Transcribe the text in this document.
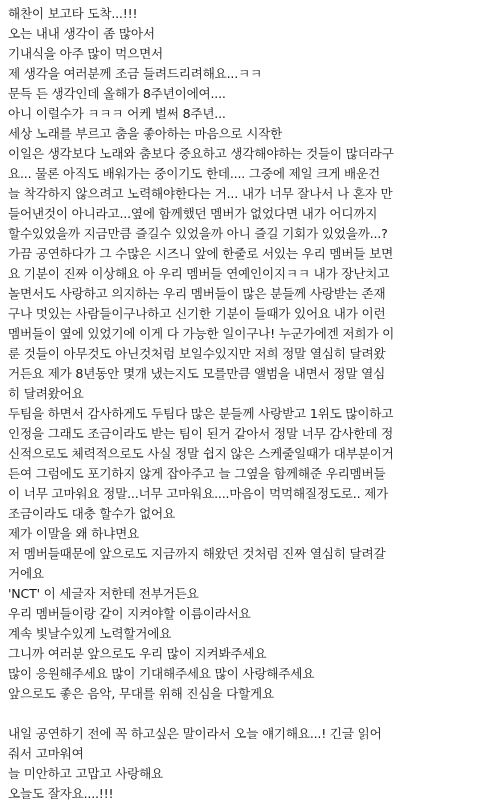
해찬이 보고타 도착...!!!
오는 내내 생각이 좀 많아서
기내식을 아주 많이 먹으면서
제 생각을 여러분께 조금 들려드리려해요...ㅋㅋ
문득 든 생각인데 올해가 8주년이에여....
아니 이럴수가 ㅋㅋㅋ 어케 벌써 8주년...
세상 노래를 부르고 춤을 좋아하는 마음으로 시작한
이일은 생각보다 노래와 춤보다 중요하고 생각해야하는 것들이 많더라구
요... 물론 아직도 배워가는 중이기도 한데.... 그중에 제일 크게 배운건
늘 착각하지 않으려고 노력해야한다는 거... 내가 너무 잘나서 나 혼자 만
들어낸것이 아니라고...옆에 함께했던 멤버가 없었다면 내가 어디까지
할수있었을까 지금만큼 즐길수 있었을까 아니 즐길 기회가 있었을까...?
가끔 공연하다가 그 수많은 시즈니 앞에 한줄로 서있는 우리 멤버들 보면
요 기분이 진짜 이상해요 아 우리 멤버들 연예인이지ㅋㅋ 내가 장난치고
놀면서도 사랑하고 의지하는 우리 멤버들이 많은 분들께 사랑받는 존재
구나 멋있는 사람들이구나하고 신기한 기분이 들때가 있어요 내가 이런
멤버들이 옆에 있었기에 이게 다 가능한 일이구나! 누군가에겐 저희가 이
룬 것들이 아무것도 아닌것처럼 보일수있지만 저희 정말 열심히 달려왔
거든요 제가 8년동안 몇개 냈는지도 모를만큼 앨범을 내면서 정말 열심
히 달려왔어요
두팀을 하면서 감사하게도 두팀다 많은 분들께 사랑받고 1위도 많이하고
인정을 그래도 조금이라도 받는 팀이 된거 같아서 정말 너무 감사한데 정
신적으로도 체력적으로도 사실 정말 쉽지 않은 스케줄일때가 대부분이거
든여 그럼에도 포기하지 않게 잡아주고 늘 그옆을 함께해준 우리멤버들
이 너무 고마워요 정말...너무 고마워요....마음이 먹먹해질정도로.. 제가
조금이라도 대충 할수가 없어요
제가 이말을 왜 하냐면요
저 멤버들때문에 앞으로도 지금까지 해왔던 것처럼 진짜 열심히 달려갈
거에요
'NCT' 이 세글자 저한테 전부거든요
우리 멤버들이랑 같이 지켜야할 이름이라서요
계속 빛날수있게 노력할거에요
그니까 여러분 앞으로도 우리 많이 지켜봐주세요
많이 응원해주세요 많이 기대해주세요 많이 사랑해주세요
앞으로도 좋은 음악, 무대를 위해 진심을 다할게요
내일 공연하기 전에 꼭 하고싶은 말이라서 오늘 얘기해요...! 긴글 읽어
줘서 고마워여
늘 미안하고 고맙고 사랑해요
오늘도 잘자요....!!!
